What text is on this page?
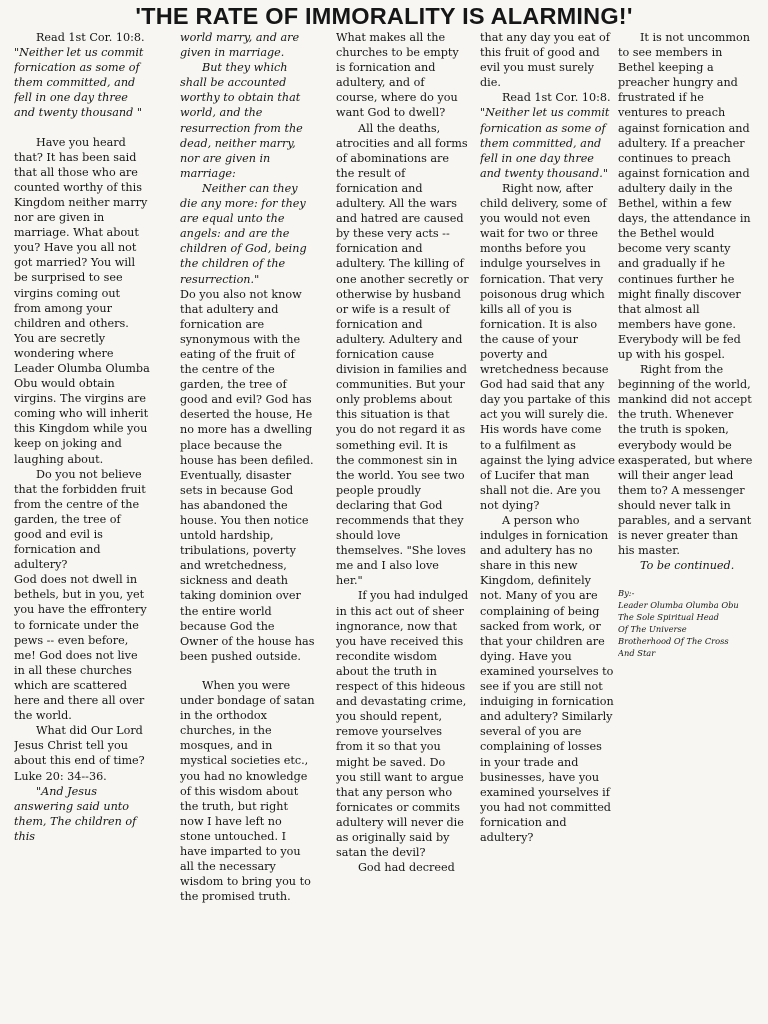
'THE RATE OF IMMORALITY IS ALARMING!'

Read 1st Cor. 10:8.

"Neither let us commit fornication as some of them committed, and fell in one day three and twenty thousand "

Have you heard that? It has been said that all those who are counted worthy of this Kingdom neither marry nor are given in marriage. What about you? Have you all not got married? You will be surprised to see virgins coming out from among your children and others. You are secretly wondering where Leader Olumba Olumba Obu would obtain virgins. The virgins are coming who will inherit this Kingdom while you keep on joking and laughing about.

Do you not believe that the forbidden fruit from the centre of the garden, the tree of good and evil is fornication and adultery?

God does not dwell in bethels, but in you, yet you have the effrontery to fornicate under the pews -- even before, me! God does not live in all these churches which are scattered here and there all over the world.

What did Our Lord Jesus Christ tell you about this end of time? Luke 20: 34--36.

"And Jesus answering said unto them, The children of this

world marry, and are given in marriage.

But they which shall be accounted worthy to obtain that world, and the resurrection from the dead, neither marry, nor are given in marriage:

Neither can they die any more: for they are equal unto the angels: and are the children of God, being the children of the resurrection."

Do you also not know that adultery and fornication are synonymous with the eating of the fruit of the centre of the garden, the tree of good and evil? God has deserted the house, He no more has a dwelling place because the house has been defiled. Eventually, disaster sets in because God has abandoned the house. You then notice untold hardship, tribulations, poverty and wretchedness, sickness and death taking dominion over the entire world because God the Owner of the house has been pushed outside.

When you were under bondage of satan in the orthodox churches, in the mosques, and in mystical societies etc., you had no knowledge of this wisdom about the truth, but right now I have left no stone untouched. I have imparted to you all the necessary wisdom to bring you to the promised truth.

What makes all the churches to be empty is fornication and adultery, and of course, where do you want God to dwell?

All the deaths, atrocities and all forms of abominations are the result of fornication and adultery. All the wars and hatred are caused by these very acts -- fornication and adultery. The killing of one another secretly or otherwise by husband or wife is a result of fornication and adultery. Adultery and fornication cause division in families and communities. But your only problems about this situation is that you do not regard it as something evil. It is the commonest sin in the world. You see two people proudly declaring that God recommends that they should love themselves. "She loves me and I also love her."

If you had indulged in this act out of sheer ingnorance, now that you have received this recondite wisdom about the truth in respect of this hideous and devastating crime, you should repent, remove yourselves from it so that you might be saved. Do you still want to argue that any person who fornicates or commits adultery will never die as originally said by satan the devil?

God had decreed

that any day you eat of this fruit of good and evil you must surely die.

Read 1st Cor. 10:8.

"Neither let us commit fornication as some of them committed, and fell in one day three and twenty thousand."

Right now, after child delivery, some of you would not even wait for two or three months before you indulge yourselves in fornication. That very poisonous drug which kills all of you is fornication. It is also the cause of your poverty and wretchedness because God had said that any day you partake of this act you will surely die. His words have come to a fulfilment as against the lying advice of Lucifer that man shall not die. Are you not dying?

A person who indulges in fornication and adultery has no share in this new Kingdom, definitely not. Many of you are complaining of being sacked from work, or that your children are dying. Have you examined yourselves to see if you are still not induiging in fornication and adultery? Similarly several of you are complaining of losses in your trade and businesses, have you examined yourselves if you had not committed fornication and adultery?

It is not uncommon to see members in Bethel keeping a preacher hungry and frustrated if he ventures to preach against fornication and adultery. If a preacher continues to preach against fornication and adultery daily in the Bethel, within a few days, the attendance in the Bethel would become very scanty and gradually if he continues further he might finally discover that almost all members have gone. Everybody will be fed up with his gospel.

Right from the beginning of the world, mankind did not accept the truth. Whenever the truth is spoken, everybody would be exasperated, but where will their anger lead them to? A messenger should never talk in parables, and a servant is never greater than his master.

To be continued.

By:-

Leader Olumba Olumba Obu

The Sole Spiritual Head

Of The Universe

Brotherhood Of The Cross

And Star
